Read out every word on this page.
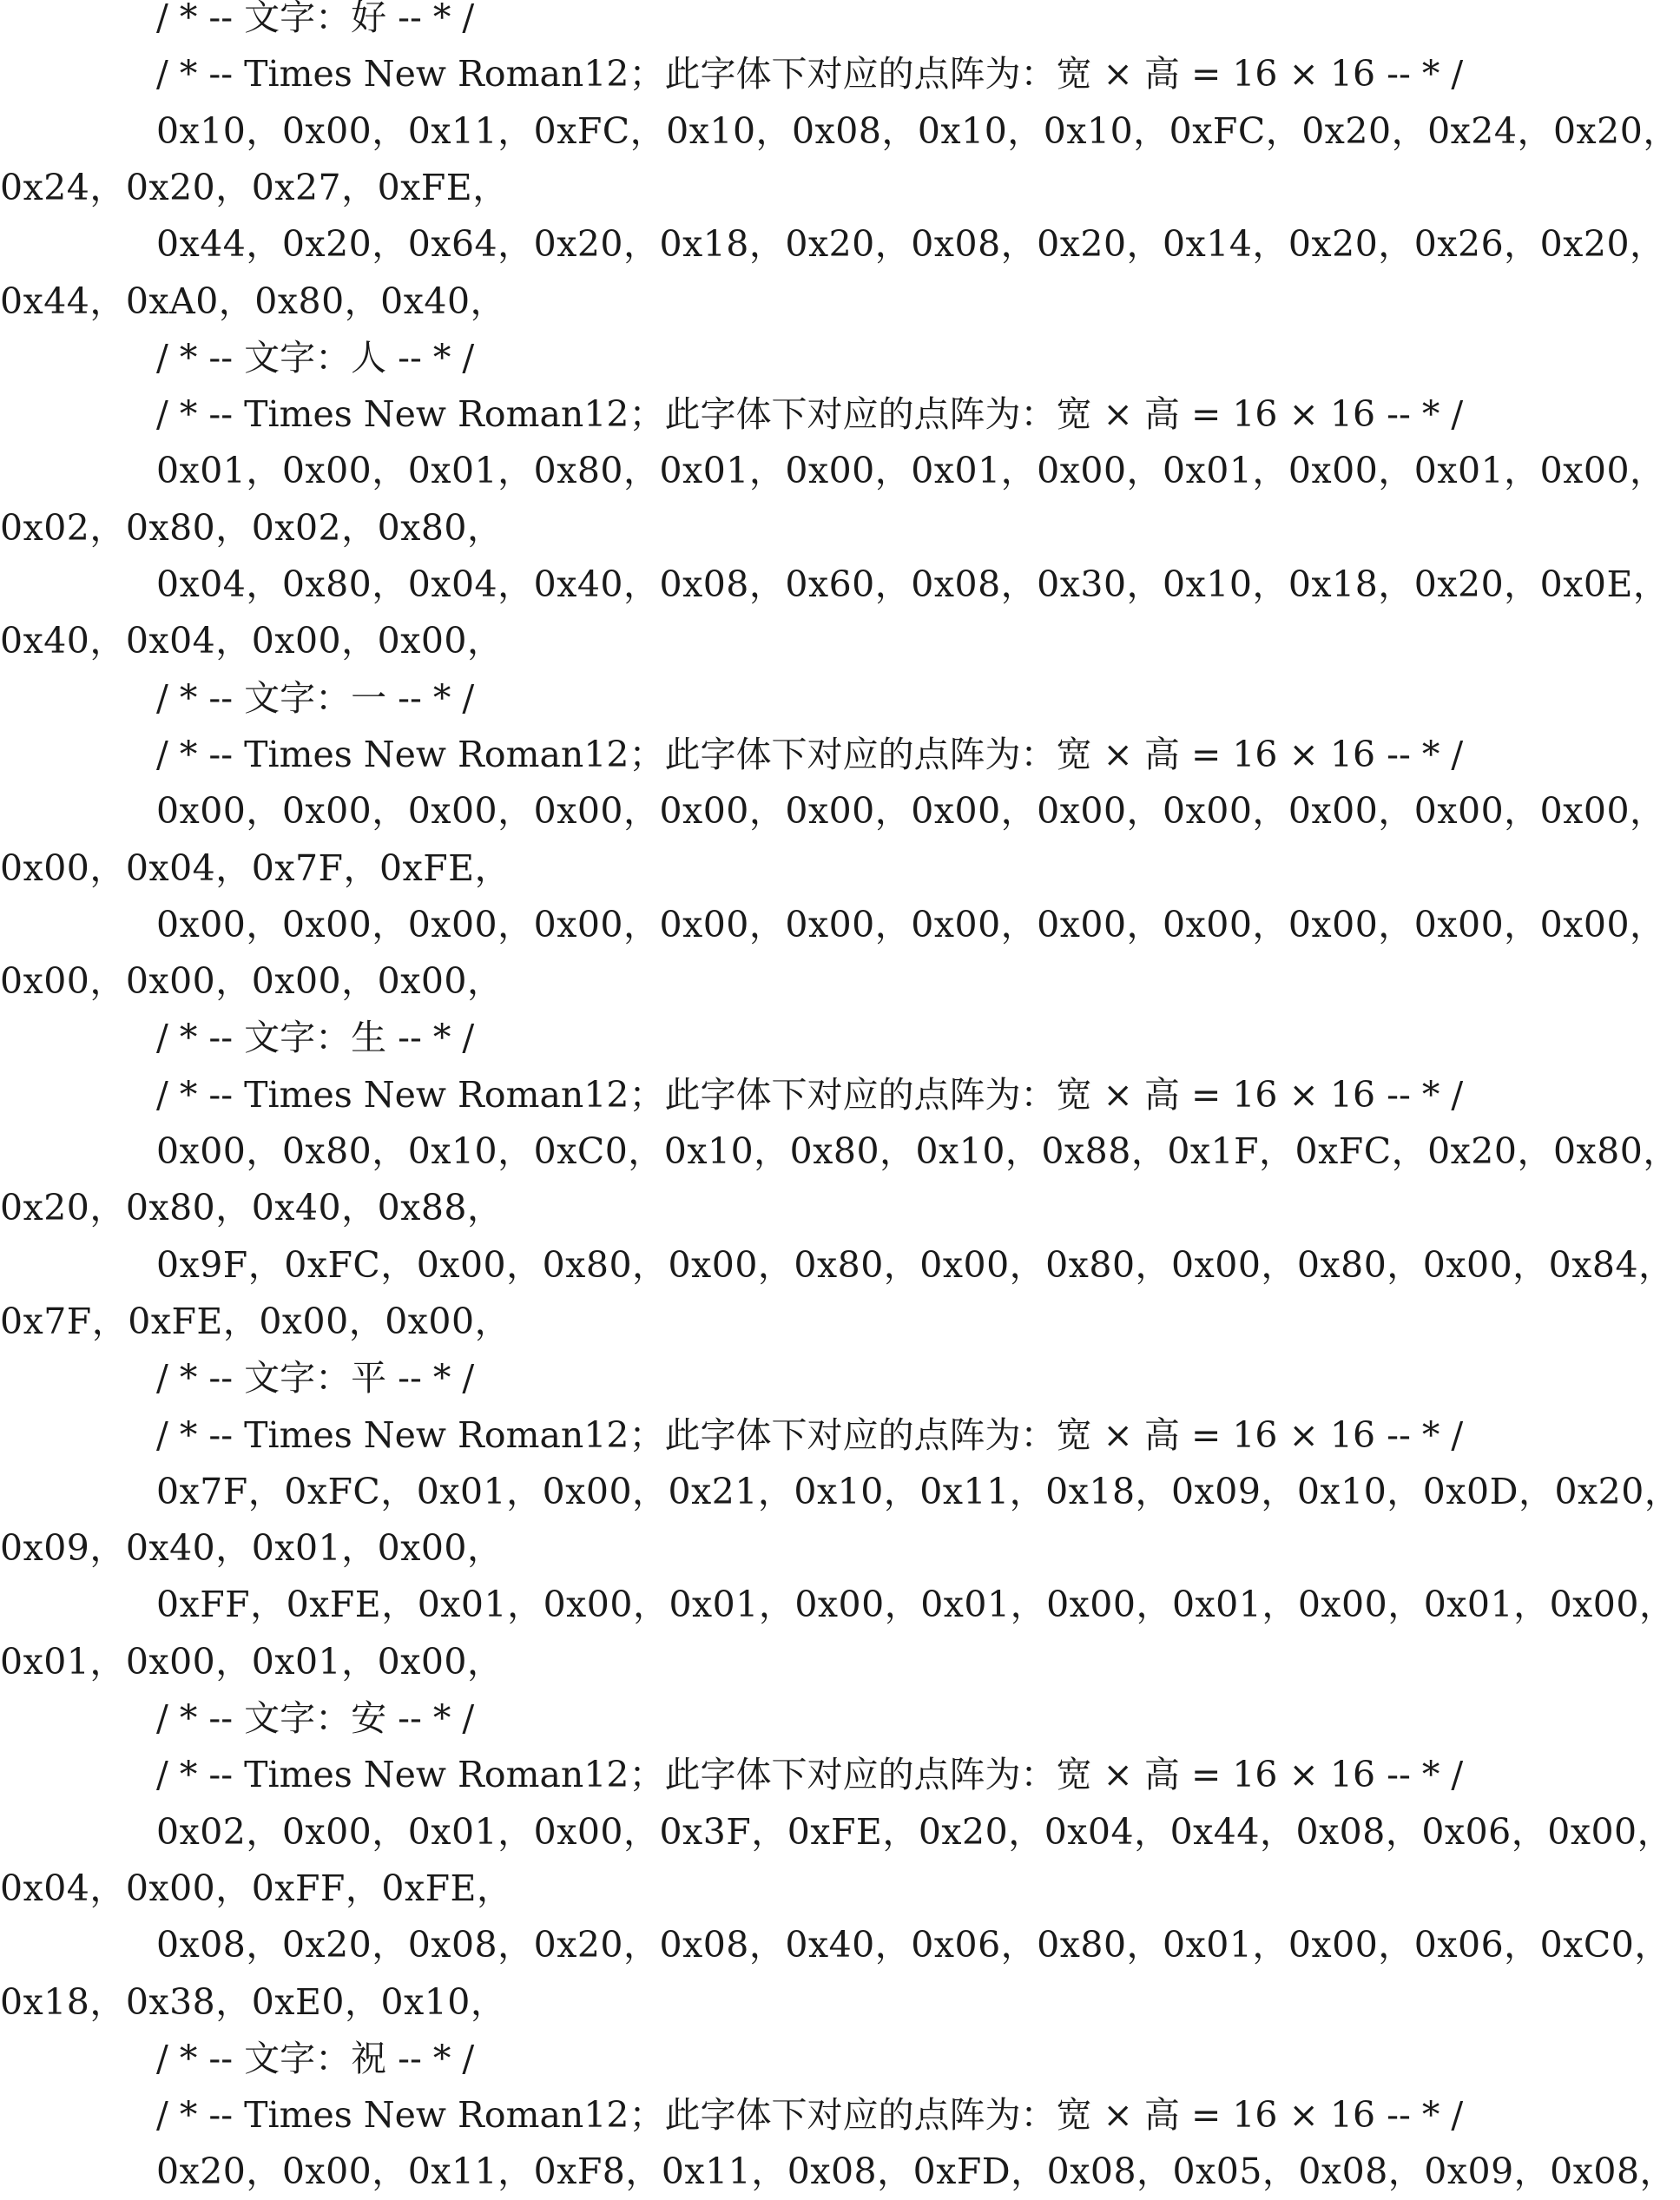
/ * -- 文字：好 -- * /
/ * -- Times New Roman12；此字体下对应的点阵为：宽 × 高 = 16 × 16 -- * /
0x10，0x00，0x11，0xFC，0x10，0x08，0x10，0x10，0xFC，0x20，0x24，0x20，
0x24，0x20，0x27，0xFE，
0x44，0x20，0x64，0x20，0x18，0x20，0x08，0x20，0x14，0x20，0x26，0x20，
0x44，0xA0，0x80，0x40，
/ * -- 文字：人 -- * /
/ * -- Times New Roman12；此字体下对应的点阵为：宽 × 高 = 16 × 16 -- * /
0x01，0x00，0x01，0x80，0x01，0x00，0x01，0x00，0x01，0x00，0x01，0x00，
0x02，0x80，0x02，0x80，
0x04，0x80，0x04，0x40，0x08，0x60，0x08，0x30，0x10，0x18，0x20，0x0E，
0x40，0x04，0x00，0x00，
/ * -- 文字：一 -- * /
/ * -- Times New Roman12；此字体下对应的点阵为：宽 × 高 = 16 × 16 -- * /
0x00，0x00，0x00，0x00，0x00，0x00，0x00，0x00，0x00，0x00，0x00，0x00，
0x00，0x04，0x7F，0xFE，
0x00，0x00，0x00，0x00，0x00，0x00，0x00，0x00，0x00，0x00，0x00，0x00，
0x00，0x00，0x00，0x00，
/ * -- 文字：生 -- * /
/ * -- Times New Roman12；此字体下对应的点阵为：宽 × 高 = 16 × 16 -- * /
0x00，0x80，0x10，0xC0，0x10，0x80，0x10，0x88，0x1F，0xFC，0x20，0x80，
0x20，0x80，0x40，0x88，
0x9F，0xFC，0x00，0x80，0x00，0x80，0x00，0x80，0x00，0x80，0x00，0x84，
0x7F，0xFE，0x00，0x00，
/ * -- 文字：平 -- * /
/ * -- Times New Roman12；此字体下对应的点阵为：宽 × 高 = 16 × 16 -- * /
0x7F，0xFC，0x01，0x00，0x21，0x10，0x11，0x18，0x09，0x10，0x0D，0x20，
0x09，0x40，0x01，0x00，
0xFF，0xFE，0x01，0x00，0x01，0x00，0x01，0x00，0x01，0x00，0x01，0x00，
0x01，0x00，0x01，0x00，
/ * -- 文字：安 -- * /
/ * -- Times New Roman12；此字体下对应的点阵为：宽 × 高 = 16 × 16 -- * /
0x02，0x00，0x01，0x00，0x3F，0xFE，0x20，0x04，0x44，0x08，0x06，0x00，
0x04，0x00，0xFF，0xFE，
0x08，0x20，0x08，0x20，0x08，0x40，0x06，0x80，0x01，0x00，0x06，0xC0，
0x18，0x38，0xE0，0x10，
/ * -- 文字：祝 -- * /
/ * -- Times New Roman12；此字体下对应的点阵为：宽 × 高 = 16 × 16 -- * /
0x20，0x00，0x11，0xF8，0x11，0x08，0xFD，0x08，0x05，0x08，0x09，0x08，
